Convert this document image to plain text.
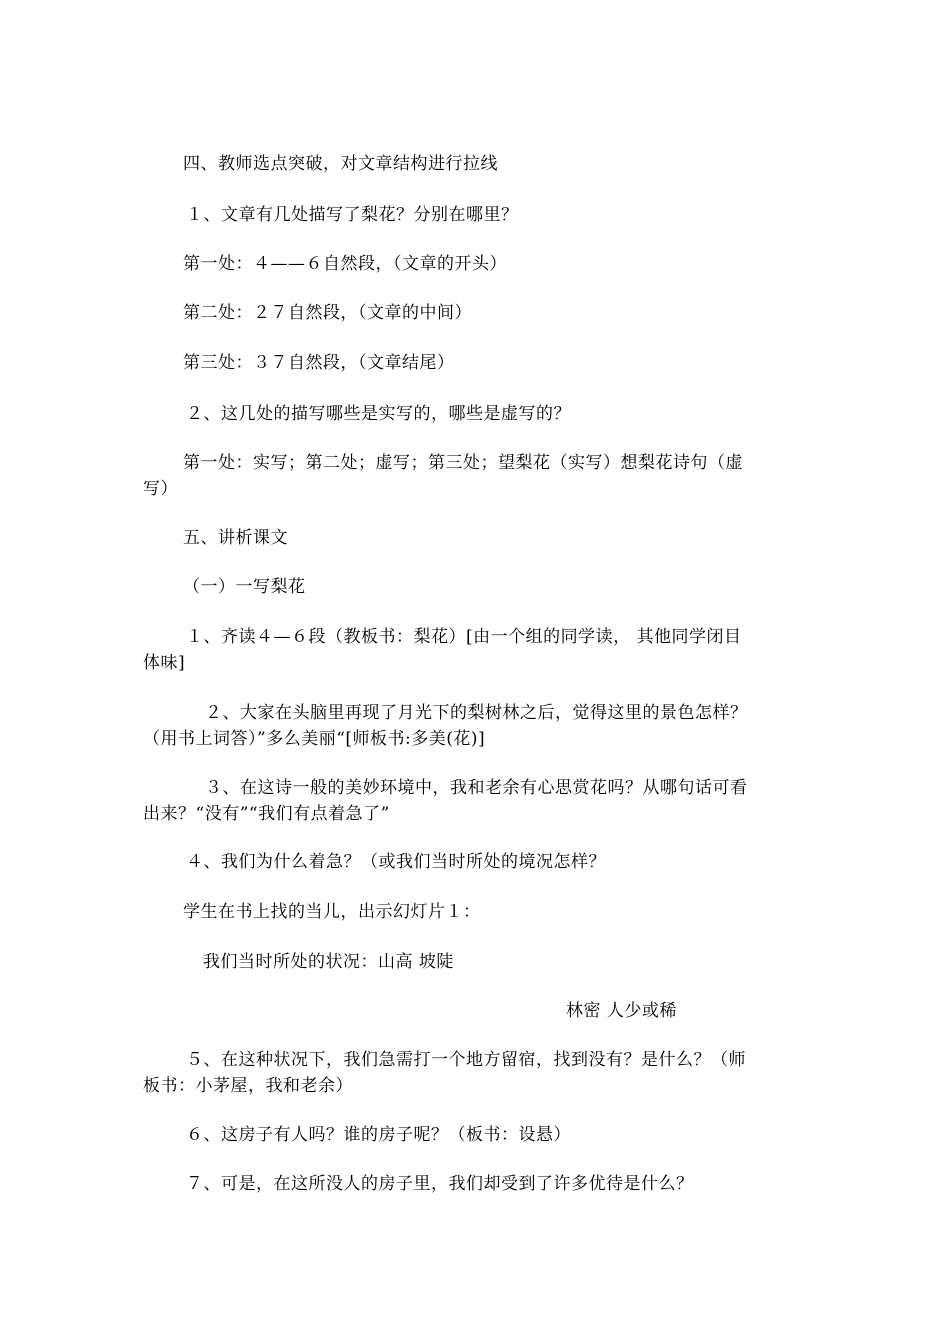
四、教师选点突破，对文章结构进行拉线
１、文章有几处描写了梨花？分别在哪里？
第一处：４——６自然段，（文章的开头）
第二处：２７自然段，（文章的中间）
第三处：３７自然段，（文章结尾）
２、这几处的描写哪些是实写的，哪些是虚写的？
第一处：实写；第二处；虚写；第三处；望梨花（实写）想梨花诗句（虚
写）
五、讲析课文
（一）一写梨花
１、齐读４—６段（教板书：梨花）[由一个组的同学读， 其他同学闭目
体味]
２、大家在头脑里再现了月光下的梨树林之后，觉得这里的景色怎样？
（用书上词答）”多么美丽“[师板书:多美(花)]
３、在这诗一般的美妙环境中，我和老余有心思赏花吗？从哪句话可看
出来？“没有”“我们有点着急了”
４、我们为什么着急？（或我们当时所处的境况怎样？
学生在书上找的当儿，出示幻灯片１：
我们当时所处的状况：山高 坡陡
林密 人少或稀
５、在这种状况下，我们急需打一个地方留宿，找到没有？是什么？（师
板书：小茅屋，我和老余）
６、这房子有人吗？谁的房子呢？（板书：设悬）
７、可是，在这所没人的房子里，我们却受到了许多优待是什么？
